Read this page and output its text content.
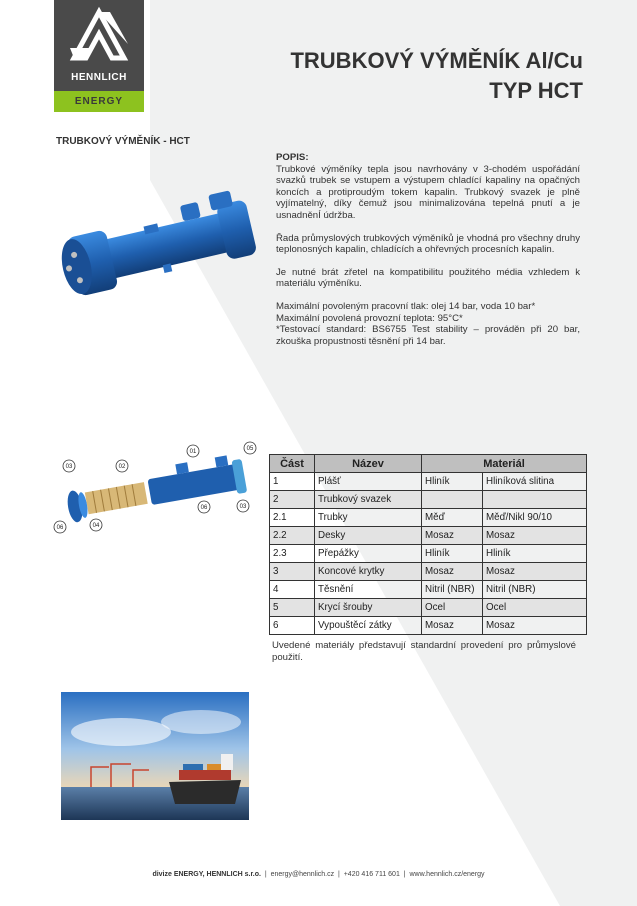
HENNLICH
ENERGY
TRUBKOVÝ VÝMĚNÍK Al/Cu
TYP HCT
TRUBKOVÝ VÝMĚNÍK - HCT

POPIS:

Trubkové výměníky tepla jsou navrhovány v 3-chodém uspořádání svazků trubek se vstupem a výstupem chladící kapaliny na opačných koncích a protiproudým tokem kapalin. Trubkový svazek je plně vyjímatelný, díky čemuž jsou minimalizována tepelná pnutí a je usnadněnÍ údržba.

Řada průmyslových trubkových výměníků je vhodná pro všechny druhy teplonosných kapalin, chladících a ohřevných procesních kapalin.

Je nutné brát zřetel na kompatibilitu použitého média vzhledem k materiálu výměníku.

Maximální povoleným pracovní tlak: olej 14 bar, voda 10 bar*

Maximální povolená provozní teplota: 95°C*

*Testovací standard: BS6755 Test stability – prováděn při 20 bar, zkouška propustnosti těsnění při 14 bar.

01
02
03
04
05
06
06	03
Část	Název	Materiál	
1	Plášť	Hliník	Hliníková slitina
2	Trubkový svazek		
2.1	Trubky	Měď	Měď/Nikl 90/10
2.2	Desky	Mosaz	Mosaz
2.3	Přepážky	Hliník	Hliník
3	Koncové krytky	Mosaz	Mosaz
4	Těsnění	Nitril (NBR)	Nitril (NBR)
5	Krycí šrouby	Ocel	Ocel
6	Vypouštěcí zátky	Mosaz	Mosaz
Uvedené materiály představují standardní provedení pro průmyslové použití.
divize ENERGY, HENNLICH s.r.o. | energy@hennlich.cz | +420 416 711 601 | www.hennlich.cz/energy
